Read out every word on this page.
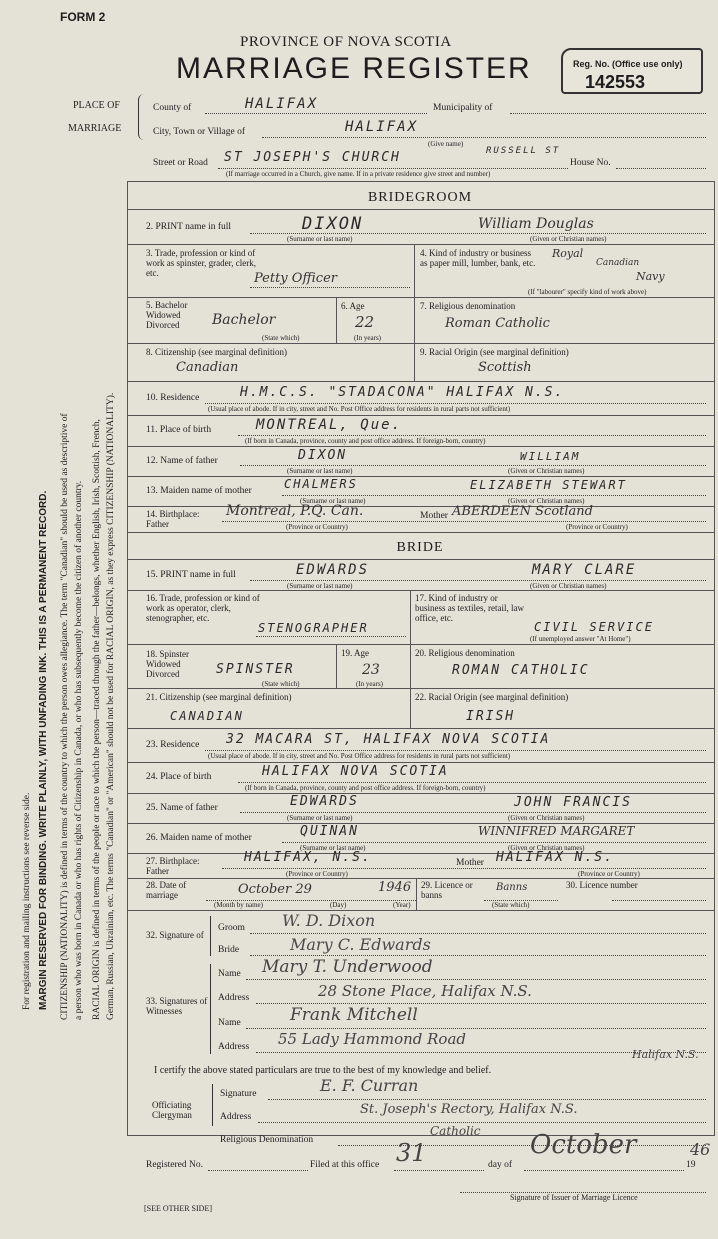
FORM 2
PROVINCE OF NOVA SCOTIA
MARRIAGE REGISTER	Reg. No. (Office use only)
142553
PLACE OF
MARRIAGE
County of	HALIFAX	Municipality of
City, Town or Village of	HALIFAX
(Give name)
Street or Road ST JOSEPH'S CHURCH	RUSSELL ST
House No.
(If marriage occurred in a Church, give name. If in a private residence give street and number)
For registration and mailing instructions see reverse side. MARGIN RESERVED FOR BINDING. WRITE PLAINLY, WITH UNFADING INK. THIS IS A PERMANENT RECORD. CITIZENSHIP (NATIONALITY) is defined in terms of the country to which the person owes allegiance. The term "Canadian" should be used as descriptive of a person who was born in Canada or who has rights of Citizenship in Canada, or who has subsequently become the citizen of another country. RACIAL ORIGIN is defined in terms of the people or race to which the person—traced through the father—belongs, whether English, Irish, Scottish, French, German, Russian, Ukrainian, etc. The terms "Canadian" or "American" should not be used for RACIAL ORIGIN, as they express CITIZENSHIP (NATIONALITY).
BRIDEGROOM
2. PRINT name in full	DIXON	William Douglas
(Surname or last name)	(Given or Christian names)
3. Trade, profession or kind of work as spinster, grader, clerk, etc.	Petty Officer
4. Kind of industry or business as paper mill, lumber, bank, etc.
Royal
Canadian
Navy
(If "labourer" specify kind of work above)
5. Bachelor Widowed Divorced	Bachelor
(State which)
6. Age
22
(In years)
7. Religious denomination
Roman Catholic
8. Citizenship (see marginal definition)
Canadian
9. Racial Origin (see marginal definition)
Scottish
10. Residence	H.M.C.S. "STADACONA" HALIFAX N.S.
(Usual place of abode. If in city, street and No. Post Office address for residents in rural parts not sufficient)
11. Place of birth	MONTREAL, Que.
(If born in Canada, province, county and post office address. If foreign-born, country)
12. Name of father	DIXON	WILLIAM
(Surname or last name)	(Given or Christian names)
13. Maiden name of mother	CHALMERS	ELIZABETH STEWART
(Surname or last name)	(Given or Christian names)
14. Birthplace: Father
Montreal, P.Q. Can.	Mother ABERDEEN Scotland
(Province or Country)	(Province or Country)
BRIDE
15. PRINT name in full	EDWARDS	MARY CLARE
(Surname or last name)	(Given or Christian names)
16. Trade, profession or kind of work as operator, clerk, stenographer, etc.
STENOGRAPHER
17. Kind of industry or business as textiles, retail, law office, etc.
CIVIL SERVICE
(If unemployed answer "At Home")
18. Spinster Widowed Divorced	SPINSTER
(State which)
19. Age
23
(In years)
20. Religious denomination
ROMAN CATHOLIC
21. Citizenship (see marginal definition)
CANADIAN
22. Racial Origin (see marginal definition)
IRISH
23. Residence 32 MACARA ST, HALIFAX NOVA SCOTIA
(Usual place of abode. If in city, street and No. Post Office address for residents in rural parts not sufficient)
24. Place of birth	HALIFAX NOVA SCOTIA
(If born in Canada, province, county and post office address. If foreign-born, country)
25. Name of father	EDWARDS	JOHN FRANCIS
(Surname or last name)	(Given or Christian names)
26. Maiden name of mother	QUINAN	WINNIFRED MARGARET
(Surname or last name)	(Given or Christian names)
27. Birthplace: Father
HALIFAX, N.S.	Mother HALIFAX N.S.
(Province or Country)	(Province or Country)
28. Date of marriage	October 29	1946
(Month by name)	(Day)	(Year)
29. Licence or banns
Banns
(State which)
30. Licence number
32. Signature of
Groom W. D. Dixon
Bride	Mary C. Edwards
33. Signatures of Witnesses
Name Mary T. Underwood
Address	28 Stone Place, Halifax N.S.
Name	Frank Mitchell
Address 55 Lady Hammond Road
Halifax N.S.
I certify the above stated particulars are true to the best of my knowledge and belief.
Officiating Clergyman
Signature	E. F. Curran
Address	St. Joseph's Rectory, Halifax N.S.
Religious Denomination
Catholic
Registered No.	Filed at this office 31	day of
October
19
46
Signature of Issuer of Marriage Licence
[SEE OTHER SIDE]
